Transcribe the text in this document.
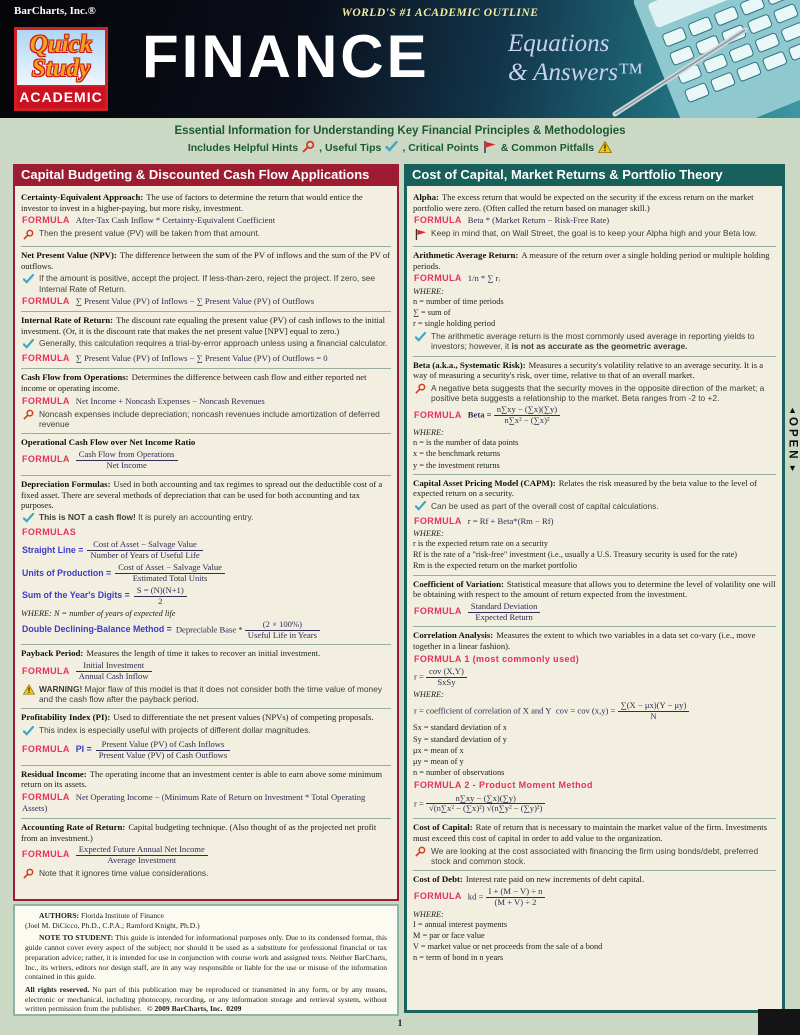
BarCharts, Inc.®
Quick
Study
ACADEMIC
WORLD'S #1 ACADEMIC OUTLINE
FINANCE	Equations
& Answers™
Essential Information for Understanding Key Financial Principles & Methodologies
Includes Helpful Hints , Useful Tips , Critical Points & Common Pitfalls
Capital Budgeting & Discounted Cash Flow Applications

Certainty-Equivalent Approach: The use of factors to determine the return that would entice the investor to invest in a higher-paying, but more risky, investment.

FORMULA After-Tax Cash Inflow * Certainty-Equivalent Coefficient

Then the present value (PV) will be taken from that amount.

Net Present Value (NPV): The difference between the sum of the PV of inflows and the sum of the PV of outflows.

If the amount is positive, accept the project. If less-than-zero, reject the project. If zero, see Internal Rate of Return.

FORMULA ∑ Present Value (PV) of Inflows − ∑ Present Value (PV) of Outflows

Internal Rate of Return: The discount rate equaling the present value (PV) of cash inflows to the initial investment. (Or, it is the discount rate that makes the net present value [NPV] equal to zero.)

Generally, this calculation requires a trial-by-error approach unless using a financial calculator.

FORMULA ∑ Present Value (PV) of Inflows − ∑ Present Value (PV) of Outflows = 0

Cash Flow from Operations: Determines the difference between cash flow and either reported net income or operating income.

FORMULA Net Income + Noncash Expenses − Noncash Revenues

Noncash expenses include depreciation; noncash revenues include amortization of deferred revenue

Operational Cash Flow over Net Income Ratio

FORMULA $\frac{\text{Cash Flow from Operations}}{\text{Net Income}}$

Depreciation Formulas: Used in both accounting and tax regimes to spread out the deductible cost of a fixed asset. There are several methods of depreciation that can be used for both accounting and tax purposes.

This is NOT a cash flow! It is purely an accounting entry.

FORMULAS

Straight Line = $\frac{\text{Cost of Asset − Salvage Value}}{\text{Number of Years of Useful Life}}$

Units of Production = $\frac{\text{Cost of Asset − Salvage Value}}{\text{Estimated Total Units}}$

Sum of the Year's Digits = $\frac{S = (N)(N+1)}{2}$

WHERE: N = number of years of expected life

Double Declining-Balance Method = Depreciable Base * $\frac{(2 \times 100\%)}{\text{Useful Life in Years}}$

Payback Period: Measures the length of time it takes to recover an initial investment.

FORMULA $\frac{\text{Initial Investment}}{\text{Annual Cash Inflow}}$

WARNING! Major flaw of this model is that it does not consider both the time value of money and the cash flow after the payback period.

Profitability Index (PI): Used to differentiate the net present values (NPVs) of competing proposals.

This index is especially useful with projects of different dollar magnitudes.

FORMULA PI = $\frac{\text{Present Value (PV) of Cash Inflows}}{\text{Present Value (PV) of Cash Outflows}}$

Residual Income: The operating income that an investment center is able to earn above some minimum return on its assets.

FORMULA Net Operating Income − (Minimum Rate of Return on Investment * Total Operating Assets)

Accounting Rate of Return: Capital budgeting technique. (Also thought of as the projected net profit from an investment.)

FORMULA $\frac{\text{Expected Future Annual Net Income}}{\text{Average Investment}}$

Note that it ignores time value considerations.
Cost of Capital, Market Returns & Portfolio Theory

Alpha: The excess return that would be expected on the security if the excess return on the market portfolio were zero. (Often called the return based on manager skill.)

FORMULA Beta * (Market Return − Risk-Free Rate)

Keep in mind that, on Wall Street, the goal is to keep your Alpha high and your Beta low.

Arithmetic Average Return: A measure of the return over a single holding period or multiple holding periods.

FORMULA 1/n * ∑ rᵢ

WHERE:

n = number of time periods
∑ = sum of
r = single holding period
The arithmetic average return is the most commonly used average in reporting yields to investors; however, it is not as accurate as the geometric average.

Beta (a.k.a., Systematic Risk): Measures a security's volatility relative to an average security. It is a way of measuring a security's risk, over time, relative to that of an overall market.

A negative beta suggests that the security moves in the opposite direction of the market; a positive beta suggests a relationship to the market. Beta ranges from -2 to +2.

FORMULA Beta = $\frac{n\sum xy - (\sum x)(\sum y)}{\text{n∑x² − (∑x)²}}$

WHERE:

n = is the number of data points
x = the benchmark returns
y = the investment returns

Capital Asset Pricing Model (CAPM): Relates the risk measured by the beta value to the level of expected return on a security.

Can be used as part of the overall cost of capital calculations.

FORMULA r = Rf + Beta*(Rm − Rf)

WHERE:

r is the expected return rate on a security
Rf is the rate of a "risk-free" investment (i.e., usually a U.S. Treasury security is used for the rate)
Rm is the expected return on the market portfolio

Coefficient of Variation: Statistical measure that allows you to determine the level of volatility one will be obtaining with respect to the amount of return expected from the investment.

FORMULA $\frac{\text{Standard Deviation}}{\text{Expected Return}}$

Correlation Analysis: Measures the extent to which two variables in a data set co-vary (i.e., move together in a linear fashion).

FORMULA 1 (most commonly used)

$r = \frac{\text{cov (X,Y)}}{\text{SxSy}}$

WHERE:

r = coefficient of correlation of X and Y cov = cov $(x,y) = \frac{\sum(X - \mu x)(Y - \mu y)}{N}$

Sx = standard deviation of x
Sy = standard deviation of y
μx = mean of x
μy = mean of y
n = number of observations

FORMULA 2 - Product Moment Method

$r = \frac{n\sum xy - (\sum x)(\sum y)}{\text{√(n∑x² − (∑x)²) √(n∑y² − (∑y)²)}}$

Cost of Capital: Rate of return that is necessary to maintain the market value of the firm. Investments must exceed this cost of capital in order to add value to the organization.

We are looking at the cost associated with financing the firm using bonds/debt, preferred stock and common stock.

Cost of Debt: Interest rate paid on new increments of debt capital.

FORMULA kd = $\frac{I + (M - V) \div n}{(M + V) \div 2}$

WHERE:

I = annual interest payments
M = par or face value
V = market value or net proceeds from the sale of a bond
n = term of bond in n years

AUTHORS: Florida Institute of Finance
(Joel M. DiCicco, Ph.D., C.P.A.; Ramford Knight, Ph.D.)

NOTE TO STUDENT: This guide is intended for informational purposes only. Due to its condensed format, this guide cannot cover every aspect of the subject; nor should it be used as a substitute for professional financial or tax preparation advice; rather, it is intended for use in conjunction with course work and assigned texts. Neither BarCharts, Inc., its writers, editors nor design staff, are in any way responsible or liable for the use or misuse of the information contained in this guide.

All rights reserved. No part of this publication may be reproduced or transmitted in any form, or by any means, electronic or mechanical, including photocopy, recording, or any information storage and retrieval system, without written permission from the publisher. © 2009 BarCharts, Inc. 0209

1
▲
OPEN
▼
